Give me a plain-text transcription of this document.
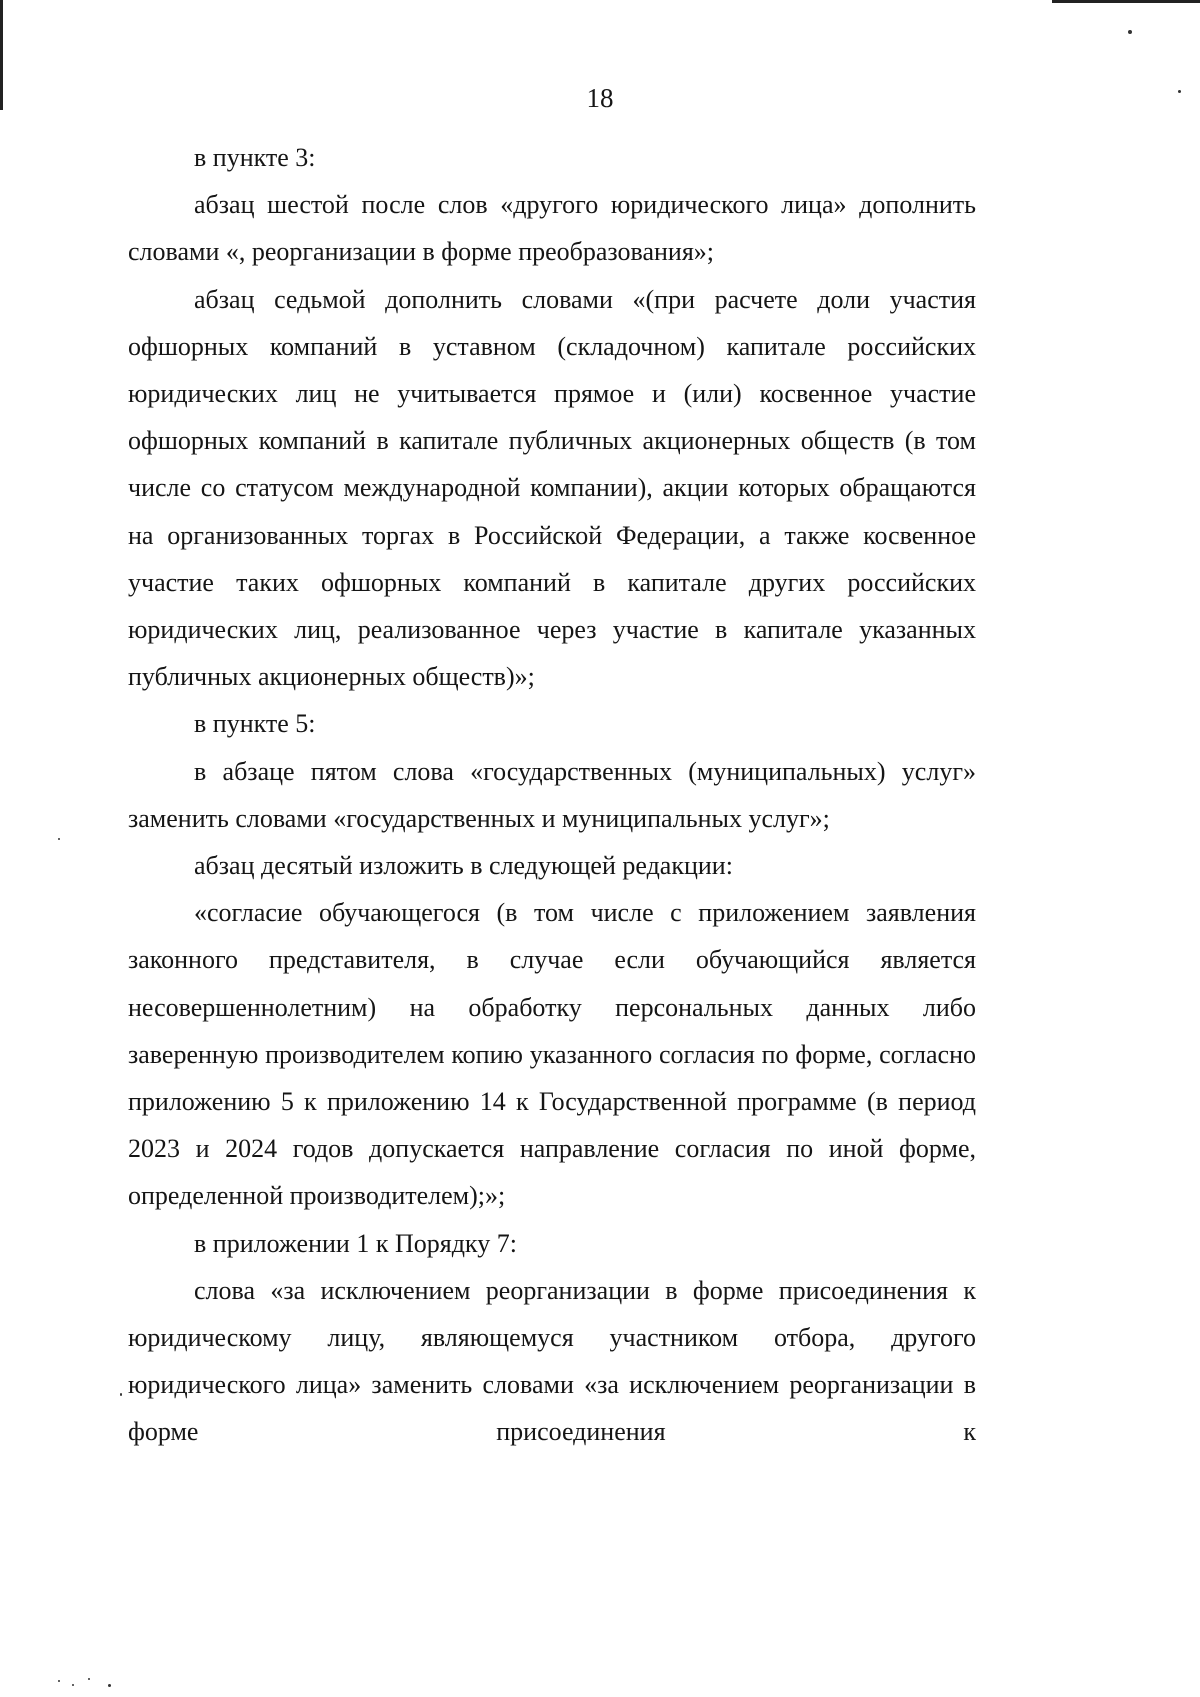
18

в пункте 3:

абзац шестой после слов «другого юридического лица» дополнить словами «, реорганизации в форме преобразования»;

абзац седьмой дополнить словами «(при расчете доли участия офшорных компаний в уставном (складочном) капитале российских юридических лиц не учитывается прямое и (или) косвенное участие офшорных компаний в капитале публичных акционерных обществ (в том числе со статусом международной компании), акции которых обращаются на организованных торгах в Российской Федерации, а также косвенное участие таких офшорных компаний в капитале других российских юридических лиц, реализованное через участие в капитале указанных публичных акционерных обществ)»;

в пункте 5:

в абзаце пятом слова «государственных (муниципальных) услуг» заменить словами «государственных и муниципальных услуг»;

абзац десятый изложить в следующей редакции:

«согласие обучающегося (в том числе с приложением заявления законного представителя, в случае если обучающийся является несовершеннолетним) на обработку персональных данных либо заверенную производителем копию указанного согласия по форме, согласно приложению 5 к приложению 14 к Государственной программе (в период 2023 и 2024 годов допускается направление согласия по иной форме, определенной производителем);»;

в приложении 1 к Порядку 7:

слова «за исключением реорганизации в форме присоединения к юридическому лицу, являющемуся участником отбора, другого юридического лица» заменить словами «за исключением реорганизации в форме присоединения к
